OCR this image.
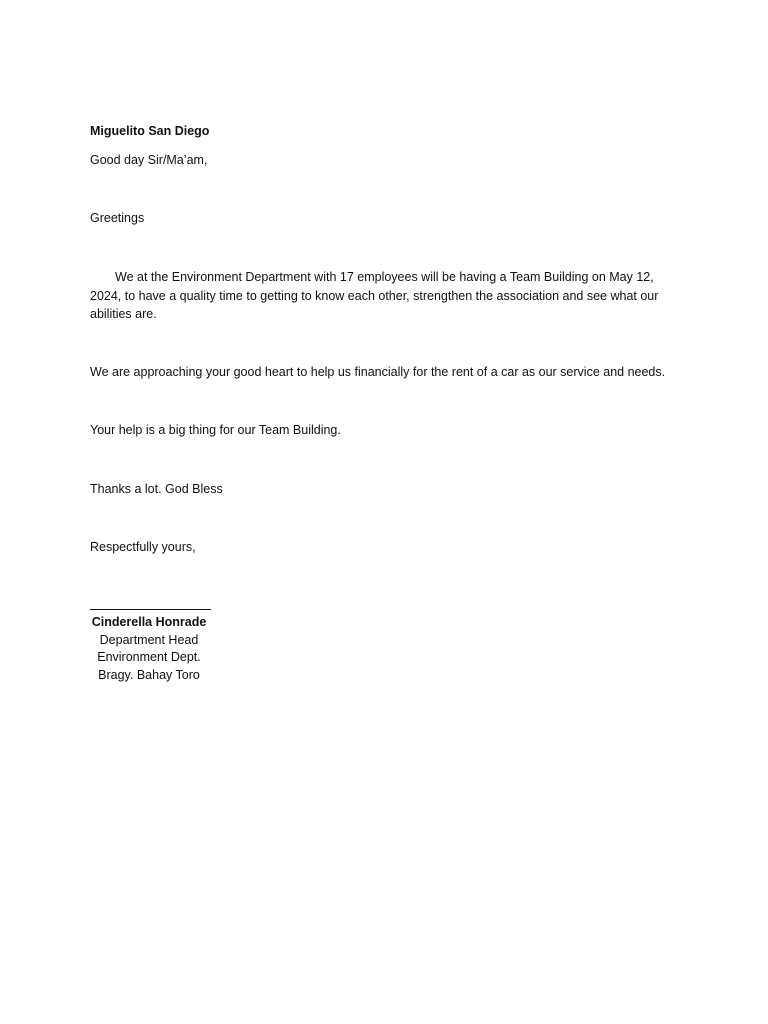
Miguelito San Diego
Good day Sir/Ma’am,
Greetings
We at the Environment Department with 17 employees will be having a Team Building on May 12, 2024, to have a quality time to getting to know each other, strengthen the association and see what our abilities are.
We are approaching your good heart to help us financially for the rent of a car as our service and needs.
Your help is a big thing for our Team Building.
Thanks a lot. God Bless
Respectfully yours,
Cinderella Honrade
Department Head
Environment Dept.
Bragy. Bahay Toro
